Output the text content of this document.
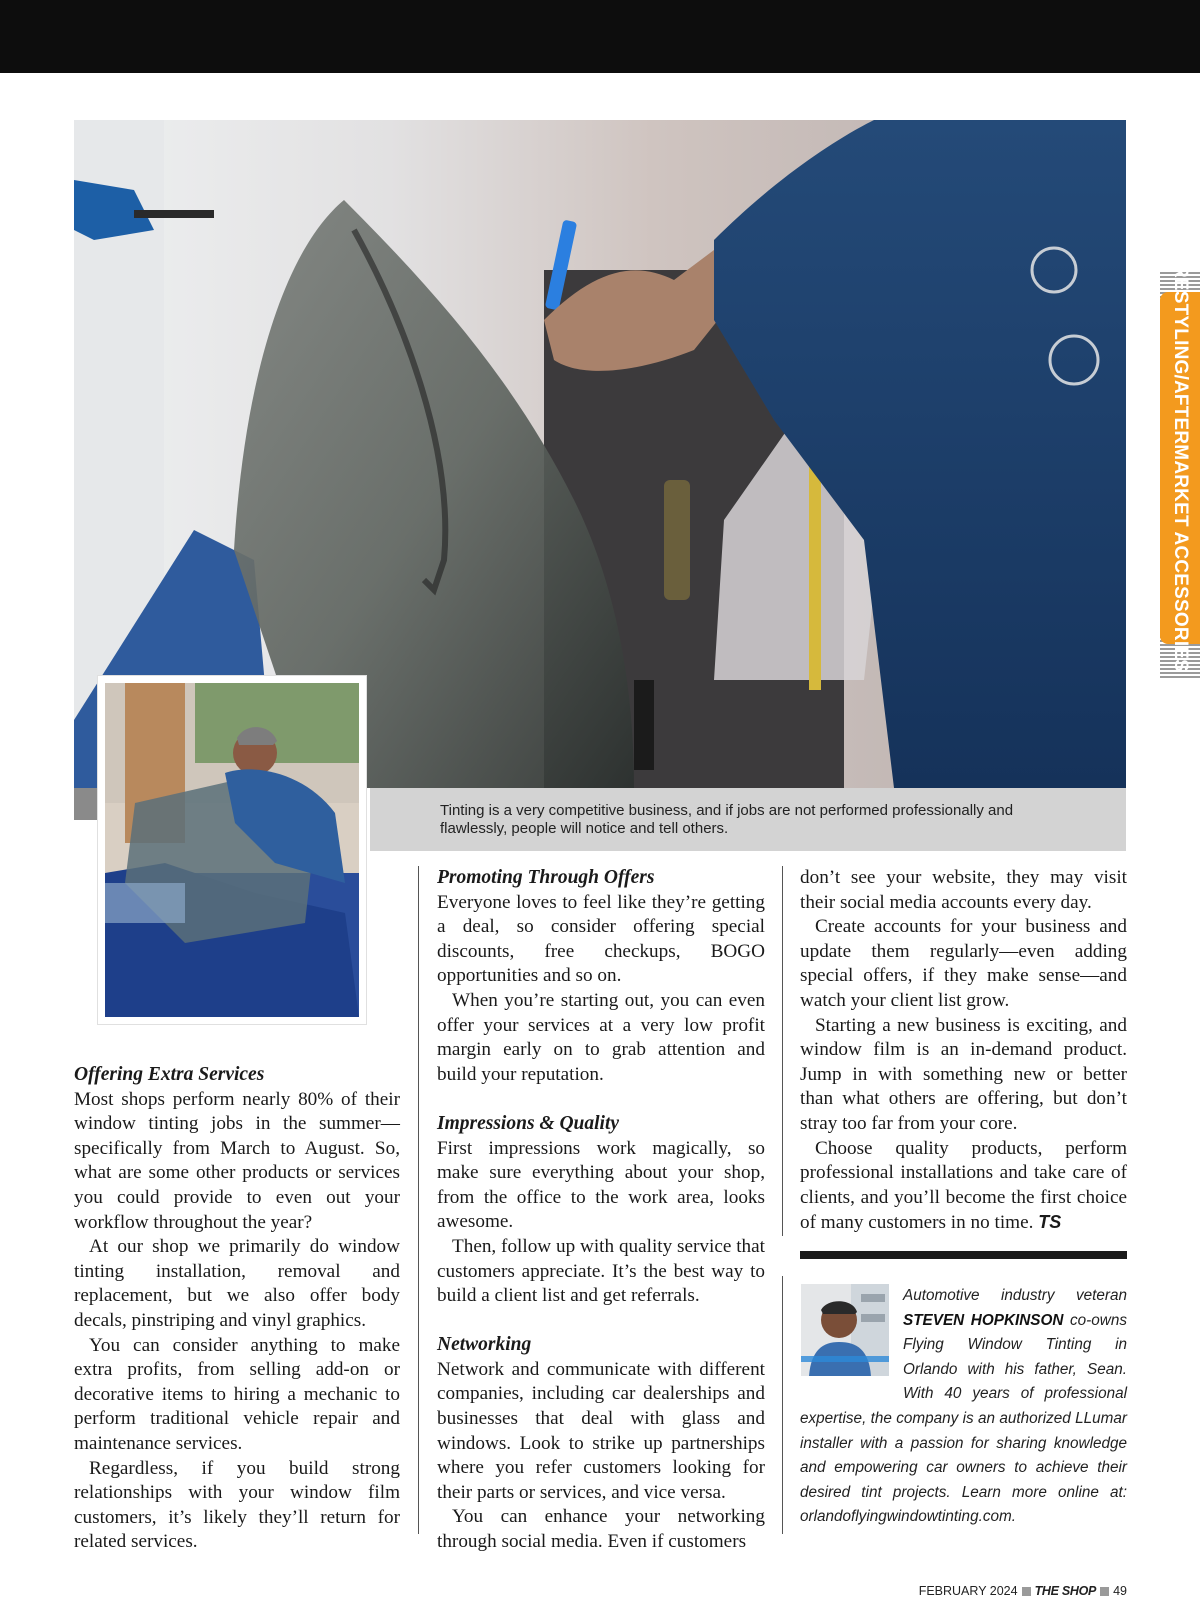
Tinting is a very competitive business, and if jobs are not performed professionally and flawlessly, people will notice and tell others.

RESTYLING/AFTERMARKET ACCESSORIES
Offering Extra Services

Most shops perform nearly 80% of their window tinting jobs in the summer—specifically from March to August. So, what are some other products or services you could provide to even out your workflow throughout the year?

At our shop we primarily do window tinting installation, removal and replacement, but we also offer body decals, pinstriping and vinyl graphics.

You can consider anything to make extra profits, from selling add-on or decorative items to hiring a mechanic to perform traditional vehicle repair and maintenance services.

Regardless, if you build strong relationships with your window film customers, it’s likely they’ll return for related services.

Promoting Through Offers

Everyone loves to feel like they’re getting a deal, so consider offering special discounts, free checkups, BOGO opportunities and so on.

When you’re starting out, you can even offer your services at a very low profit margin early on to grab attention and build your reputation.

Impressions & Quality

First impressions work magically, so make sure everything about your shop, from the office to the work area, looks awesome.

Then, follow up with quality service that customers appreciate. It’s the best way to build a client list and get referrals.

Networking

Network and communicate with different companies, including car dealerships and businesses that deal with glass and windows. Look to strike up partnerships where you refer customers looking for their parts or services, and vice versa.

You can enhance your networking through social media. Even if customers

don’t see your website, they may visit their social media accounts every day.

Create accounts for your business and update them regularly—even adding special offers, if they make sense—and watch your client list grow.

Starting a new business is exciting, and window film is an in-demand product. Jump in with something new or better than what others are offering, but don’t stray too far from your core.

Choose quality products, perform professional installations and take care of clients, and you’ll become the first choice of many customers in no time. TS

Automotive industry veteran STEVEN HOPKINSON co-owns Flying Window Tinting in Orlando with his father, Sean. With 40 years of professional expertise, the company is an authorized LLumar installer with a passion for sharing knowledge and empowering car owners to achieve their desired tint projects. Learn more online at: orlandoflyingwindowtinting.com.
FEBRUARY 2024 THE SHOP 49
